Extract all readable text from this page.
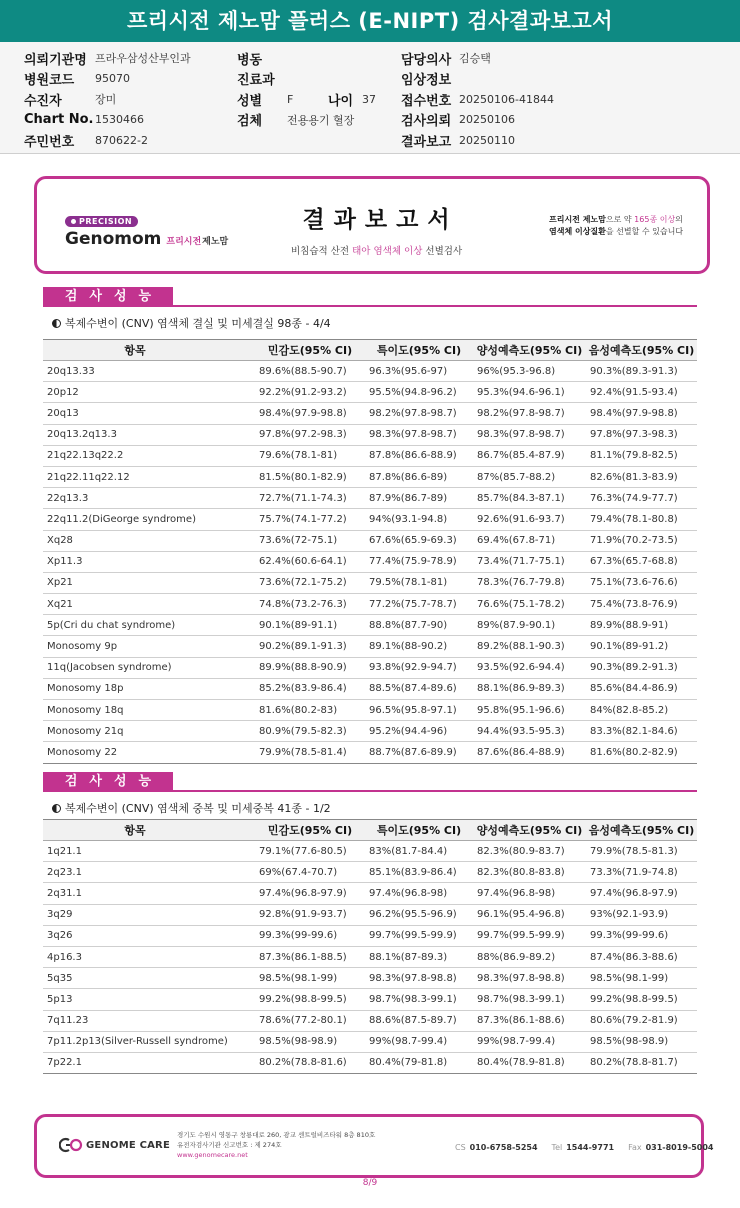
프리시전 제노맘 플러스 (E-NIPT) 검사결과보고서
의뢰기관명 프라우삼성산부인과
병원코드	95070
수진자	장미
Chart No. 1530466
주민번호	870622-2
병동
진료과
성별	F	나이 37
검체	전용용기 혈장
담당의사 김승택
임상정보
접수번호 20250106-41844
검사의뢰 20250106
결과보고 20250110
PRECISION
Genomom 프리시전 제노맘
결과보고서
비침습적 산전 태아 염색체 이상 선별검사
프리시전 제노맘으로 약 165종 이상의
염색체 이상질환을 선별할 수 있습니다
검사성능
복제수변이 (CNV) 염색체 결실 및 미세결실 98종 - 4/4
항목	민감도(95% CI)	특이도(95% CI)	양성예측도(95% CI)	음성예측도(95% CI)
20q13.33	89.6%(88.5-90.7)	96.3%(95.6-97)	96%(95.3-96.8)	90.3%(89.3-91.3)
20p12	92.2%(91.2-93.2)	95.5%(94.8-96.2)	95.3%(94.6-96.1)	92.4%(91.5-93.4)
20q13	98.4%(97.9-98.8)	98.2%(97.8-98.7)	98.2%(97.8-98.7)	98.4%(97.9-98.8)
20q13.2q13.3	97.8%(97.2-98.3)	98.3%(97.8-98.7)	98.3%(97.8-98.7)	97.8%(97.3-98.3)
21q22.13q22.2	79.6%(78.1-81)	87.8%(86.6-88.9)	86.7%(85.4-87.9)	81.1%(79.8-82.5)
21q22.11q22.12	81.5%(80.1-82.9)	87.8%(86.6-89)	87%(85.7-88.2)	82.6%(81.3-83.9)
22q13.3	72.7%(71.1-74.3)	87.9%(86.7-89)	85.7%(84.3-87.1)	76.3%(74.9-77.7)
22q11.2(DiGeorge syndrome)	75.7%(74.1-77.2)	94%(93.1-94.8)	92.6%(91.6-93.7)	79.4%(78.1-80.8)
Xq28	73.6%(72-75.1)	67.6%(65.9-69.3)	69.4%(67.8-71)	71.9%(70.2-73.5)
Xp11.3	62.4%(60.6-64.1)	77.4%(75.9-78.9)	73.4%(71.7-75.1)	67.3%(65.7-68.8)
Xp21	73.6%(72.1-75.2)	79.5%(78.1-81)	78.3%(76.7-79.8)	75.1%(73.6-76.6)
Xq21	74.8%(73.2-76.3)	77.2%(75.7-78.7)	76.6%(75.1-78.2)	75.4%(73.8-76.9)
5p(Cri du chat syndrome)	90.1%(89-91.1)	88.8%(87.7-90)	89%(87.9-90.1)	89.9%(88.9-91)
Monosomy 9p	90.2%(89.1-91.3)	89.1%(88-90.2)	89.2%(88.1-90.3)	90.1%(89-91.2)
11q(Jacobsen syndrome)	89.9%(88.8-90.9)	93.8%(92.9-94.7)	93.5%(92.6-94.4)	90.3%(89.2-91.3)
Monosomy 18p	85.2%(83.9-86.4)	88.5%(87.4-89.6)	88.1%(86.9-89.3)	85.6%(84.4-86.9)
Monosomy 18q	81.6%(80.2-83)	96.5%(95.8-97.1)	95.8%(95.1-96.6)	84%(82.8-85.2)
Monosomy 21q	80.9%(79.5-82.3)	95.2%(94.4-96)	94.4%(93.5-95.3)	83.3%(82.1-84.6)
Monosomy 22	79.9%(78.5-81.4)	88.7%(87.6-89.9)	87.6%(86.4-88.9)	81.6%(80.2-82.9)
검사성능
복제수변이 (CNV) 염색체 중복 및 미세중복 41종 - 1/2
항목	민감도(95% CI)	특이도(95% CI)	양성예측도(95% CI)	음성예측도(95% CI)
1q21.1	79.1%(77.6-80.5)	83%(81.7-84.4)	82.3%(80.9-83.7)	79.9%(78.5-81.3)
2q23.1	69%(67.4-70.7)	85.1%(83.9-86.4)	82.3%(80.8-83.8)	73.3%(71.9-74.8)
2q31.1	97.4%(96.8-97.9)	97.4%(96.8-98)	97.4%(96.8-98)	97.4%(96.8-97.9)
3q29	92.8%(91.9-93.7)	96.2%(95.5-96.9)	96.1%(95.4-96.8)	93%(92.1-93.9)
3q26	99.3%(99-99.6)	99.7%(99.5-99.9)	99.7%(99.5-99.9)	99.3%(99-99.6)
4p16.3	87.3%(86.1-88.5)	88.1%(87-89.3)	88%(86.9-89.2)	87.4%(86.3-88.6)
5q35	98.5%(98.1-99)	98.3%(97.8-98.8)	98.3%(97.8-98.8)	98.5%(98.1-99)
5p13	99.2%(98.8-99.5)	98.7%(98.3-99.1)	98.7%(98.3-99.1)	99.2%(98.8-99.5)
7q11.23	78.6%(77.2-80.1)	88.6%(87.5-89.7)	87.3%(86.1-88.6)	80.6%(79.2-81.9)
7p11.2p13(Silver-Russell syndrome)	98.5%(98-98.9)	99%(98.7-99.4)	99%(98.7-99.4)	98.5%(98-98.9)
7p22.1	80.2%(78.8-81.6)	80.4%(79-81.8)	80.4%(78.9-81.8)	80.2%(78.8-81.7)
GENOME CARE
경기도 수원시 영통구 창룡대로 260, 광교 센트럴비즈타워 8층 810호
유전자검사기관 신고번호 : 제 274호
www.genomecare.net
CS 010-6758-5254 Tel 1544-9771 Fax 031-8019-5004
8/9
